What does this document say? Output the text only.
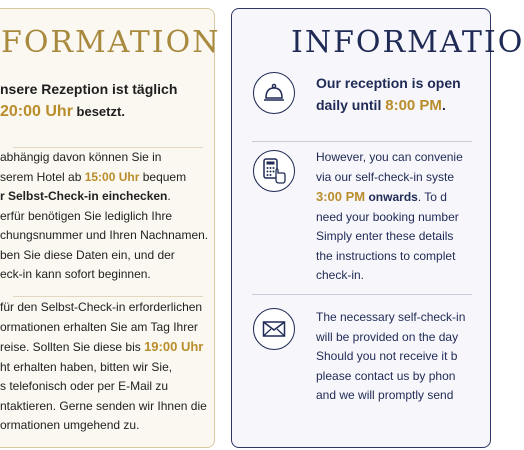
FORMATION
nsere Rezeption ist täglich
20:00 Uhr besetzt.
abhängig davon können Sie in
serem Hotel ab 15:00 Uhr bequem
r Selbst-Check-in einchecken.
erfür benötigen Sie lediglich Ihre
chungsnummer und Ihren Nachnamen.
ben Sie diese Daten ein, und der
eck-in kann sofort beginnen.
für den Selbst-Check-in erforderlichen
ormationen erhalten Sie am Tag Ihrer
reise. Sollten Sie diese bis 19:00 Uhr
ht erhalten haben, bitten wir Sie,
s telefonisch oder per E-Mail zu
ntaktieren. Gerne senden wir Ihnen die
ormationen umgehend zu.
INFORMATIO
Our reception is open
daily until 8:00 PM.
However, you can convenie
via our self-check-in syste
3:00 PM onwards. To d
need your booking number
Simply enter these details
the instructions to complet
check-in.
The necessary self-check-in
will be provided on the day
Should you not receive it b
please contact us by phon
and we will promptly send
